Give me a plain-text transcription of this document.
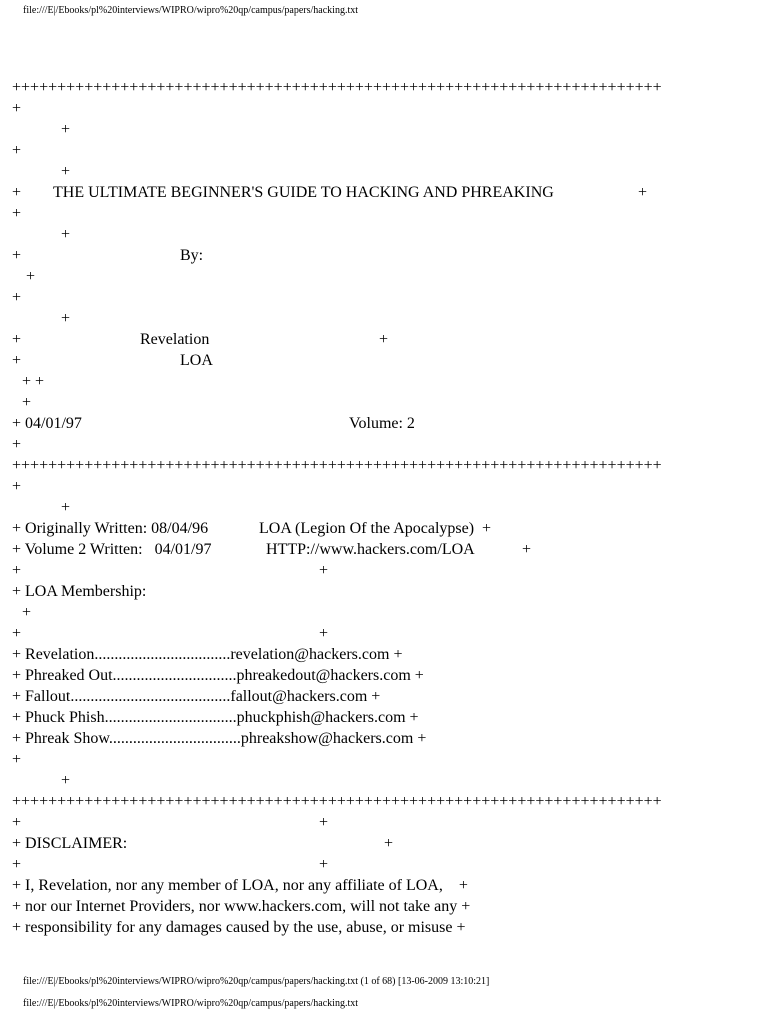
file:///E|/Ebooks/pl%20interviews/WIPRO/wipro%20qp/campus/papers/hacking.txt
++++++++++++++++++++++++++++++++++++++++++++++++++++++++++++++++++++++++
+
+
+
+
+ THE ULTIMATE BEGINNER'S GUIDE TO HACKING AND PHREAKING	+
+
+
+	By:
+
+
+
+	Revelation	+
+	LOA
+ +
+
+ 04/01/97	Volume: 2
+
++++++++++++++++++++++++++++++++++++++++++++++++++++++++++++++++++++++++
+
+
+ Originally Written: 08/04/96	LOA (Legion Of the Apocalypse)  +
+ Volume 2 Written:   04/01/97	HTTP://www.hackers.com/LOA	+
+	+
+ LOA Membership:
+
+	+
+ Revelation..................................revelation@hackers.com +
+ Phreaked Out...............................phreakedout@hackers.com +
+ Fallout........................................fallout@hackers.com +
+ Phuck Phish.................................phuckphish@hackers.com +
+ Phreak Show.................................phreakshow@hackers.com +
+
+
++++++++++++++++++++++++++++++++++++++++++++++++++++++++++++++++++++++++
+	+
+ DISCLAIMER:	+
+	+
+ I, Revelation, nor any member of LOA, nor any affiliate of LOA,    +
+ nor our Internet Providers, nor www.hackers.com, will not take any +
+ responsibility for any damages caused by the use, abuse, or misuse +
file:///E|/Ebooks/pl%20interviews/WIPRO/wipro%20qp/campus/papers/hacking.txt (1 of 68) [13-06-2009 13:10:21]
file:///E|/Ebooks/pl%20interviews/WIPRO/wipro%20qp/campus/papers/hacking.txt
